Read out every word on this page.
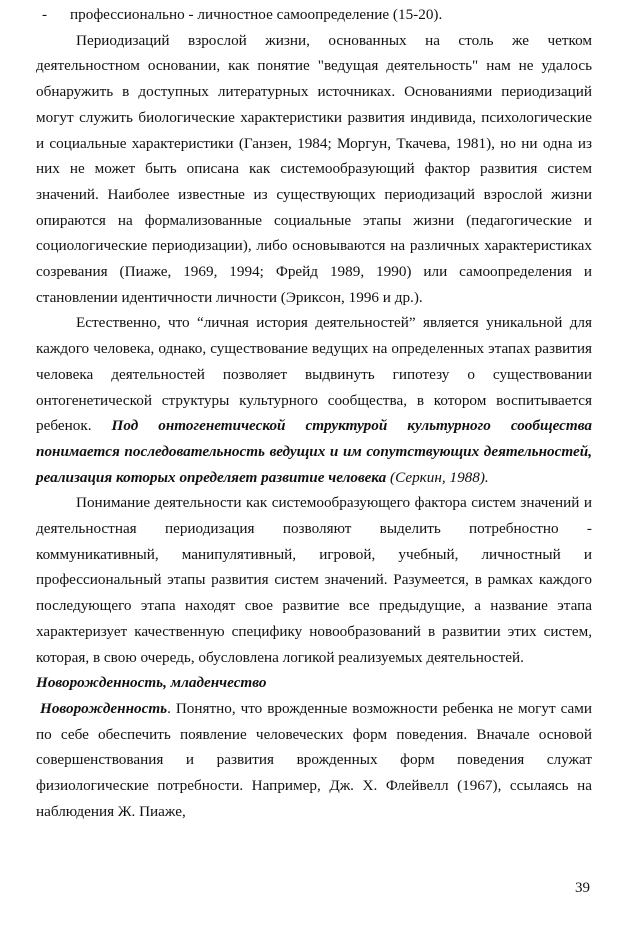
- профессионально - личностное самоопределение (15-20).

Периодизаций взрослой жизни, основанных на столь же четком деятельностном основании, как понятие "ведущая деятельность" нам не удалось обнаружить в доступных литературных источниках. Основаниями периодизаций могут служить биологические характеристики развития индивида, психологические и социальные характеристики (Ганзен, 1984; Моргун, Ткачева, 1981), но ни одна из них не может быть описана как системообразующий фактор развития систем значений. Наиболее известные из существующих периодизаций взрослой жизни опираются на формализованные социальные этапы жизни (педагогические и социологические периодизации), либо основываются на различных характеристиках созревания (Пиаже, 1969, 1994; Фрейд 1989, 1990) или самоопределения и становлении идентичности личности (Эриксон, 1996 и др.).

Естественно, что “личная история деятельностей” является уникальной для каждого человека, однако, существование ведущих на определенных этапах развития человека деятельностей позволяет выдвинуть гипотезу о существовании онтогенетической структуры культурного сообщества, в котором воспитывается ребенок. Под онтогенетической структурой культурного сообщества понимается последовательность ведущих и им сопутствующих деятельностей, реализация которых определяет развитие человека (Серкин, 1988).

Понимание деятельности как системообразующего фактора систем значений и деятельностная периодизация позволяют выделить потребностно - коммуникативный, манипулятивный, игровой, учебный, личностный и профессиональный этапы развития систем значений. Разумеется, в рамках каждого последующего этапа находят свое развитие все предыдущие, а название этапа характеризует качественную специфику новообразований в развитии этих систем, которая, в свою очередь, обусловлена логикой реализуемых деятельностей.

Новорожденность, младенчество

Новорожденность. Понятно, что врожденные возможности ребенка не могут сами по себе обеспечить появление человеческих форм поведения. Вначале основой совершенствования и развития врожденных форм поведения служат физиологические потребности. Например, Дж. Х. Флейвелл (1967), ссылаясь на наблюдения Ж. Пиаже,

39
